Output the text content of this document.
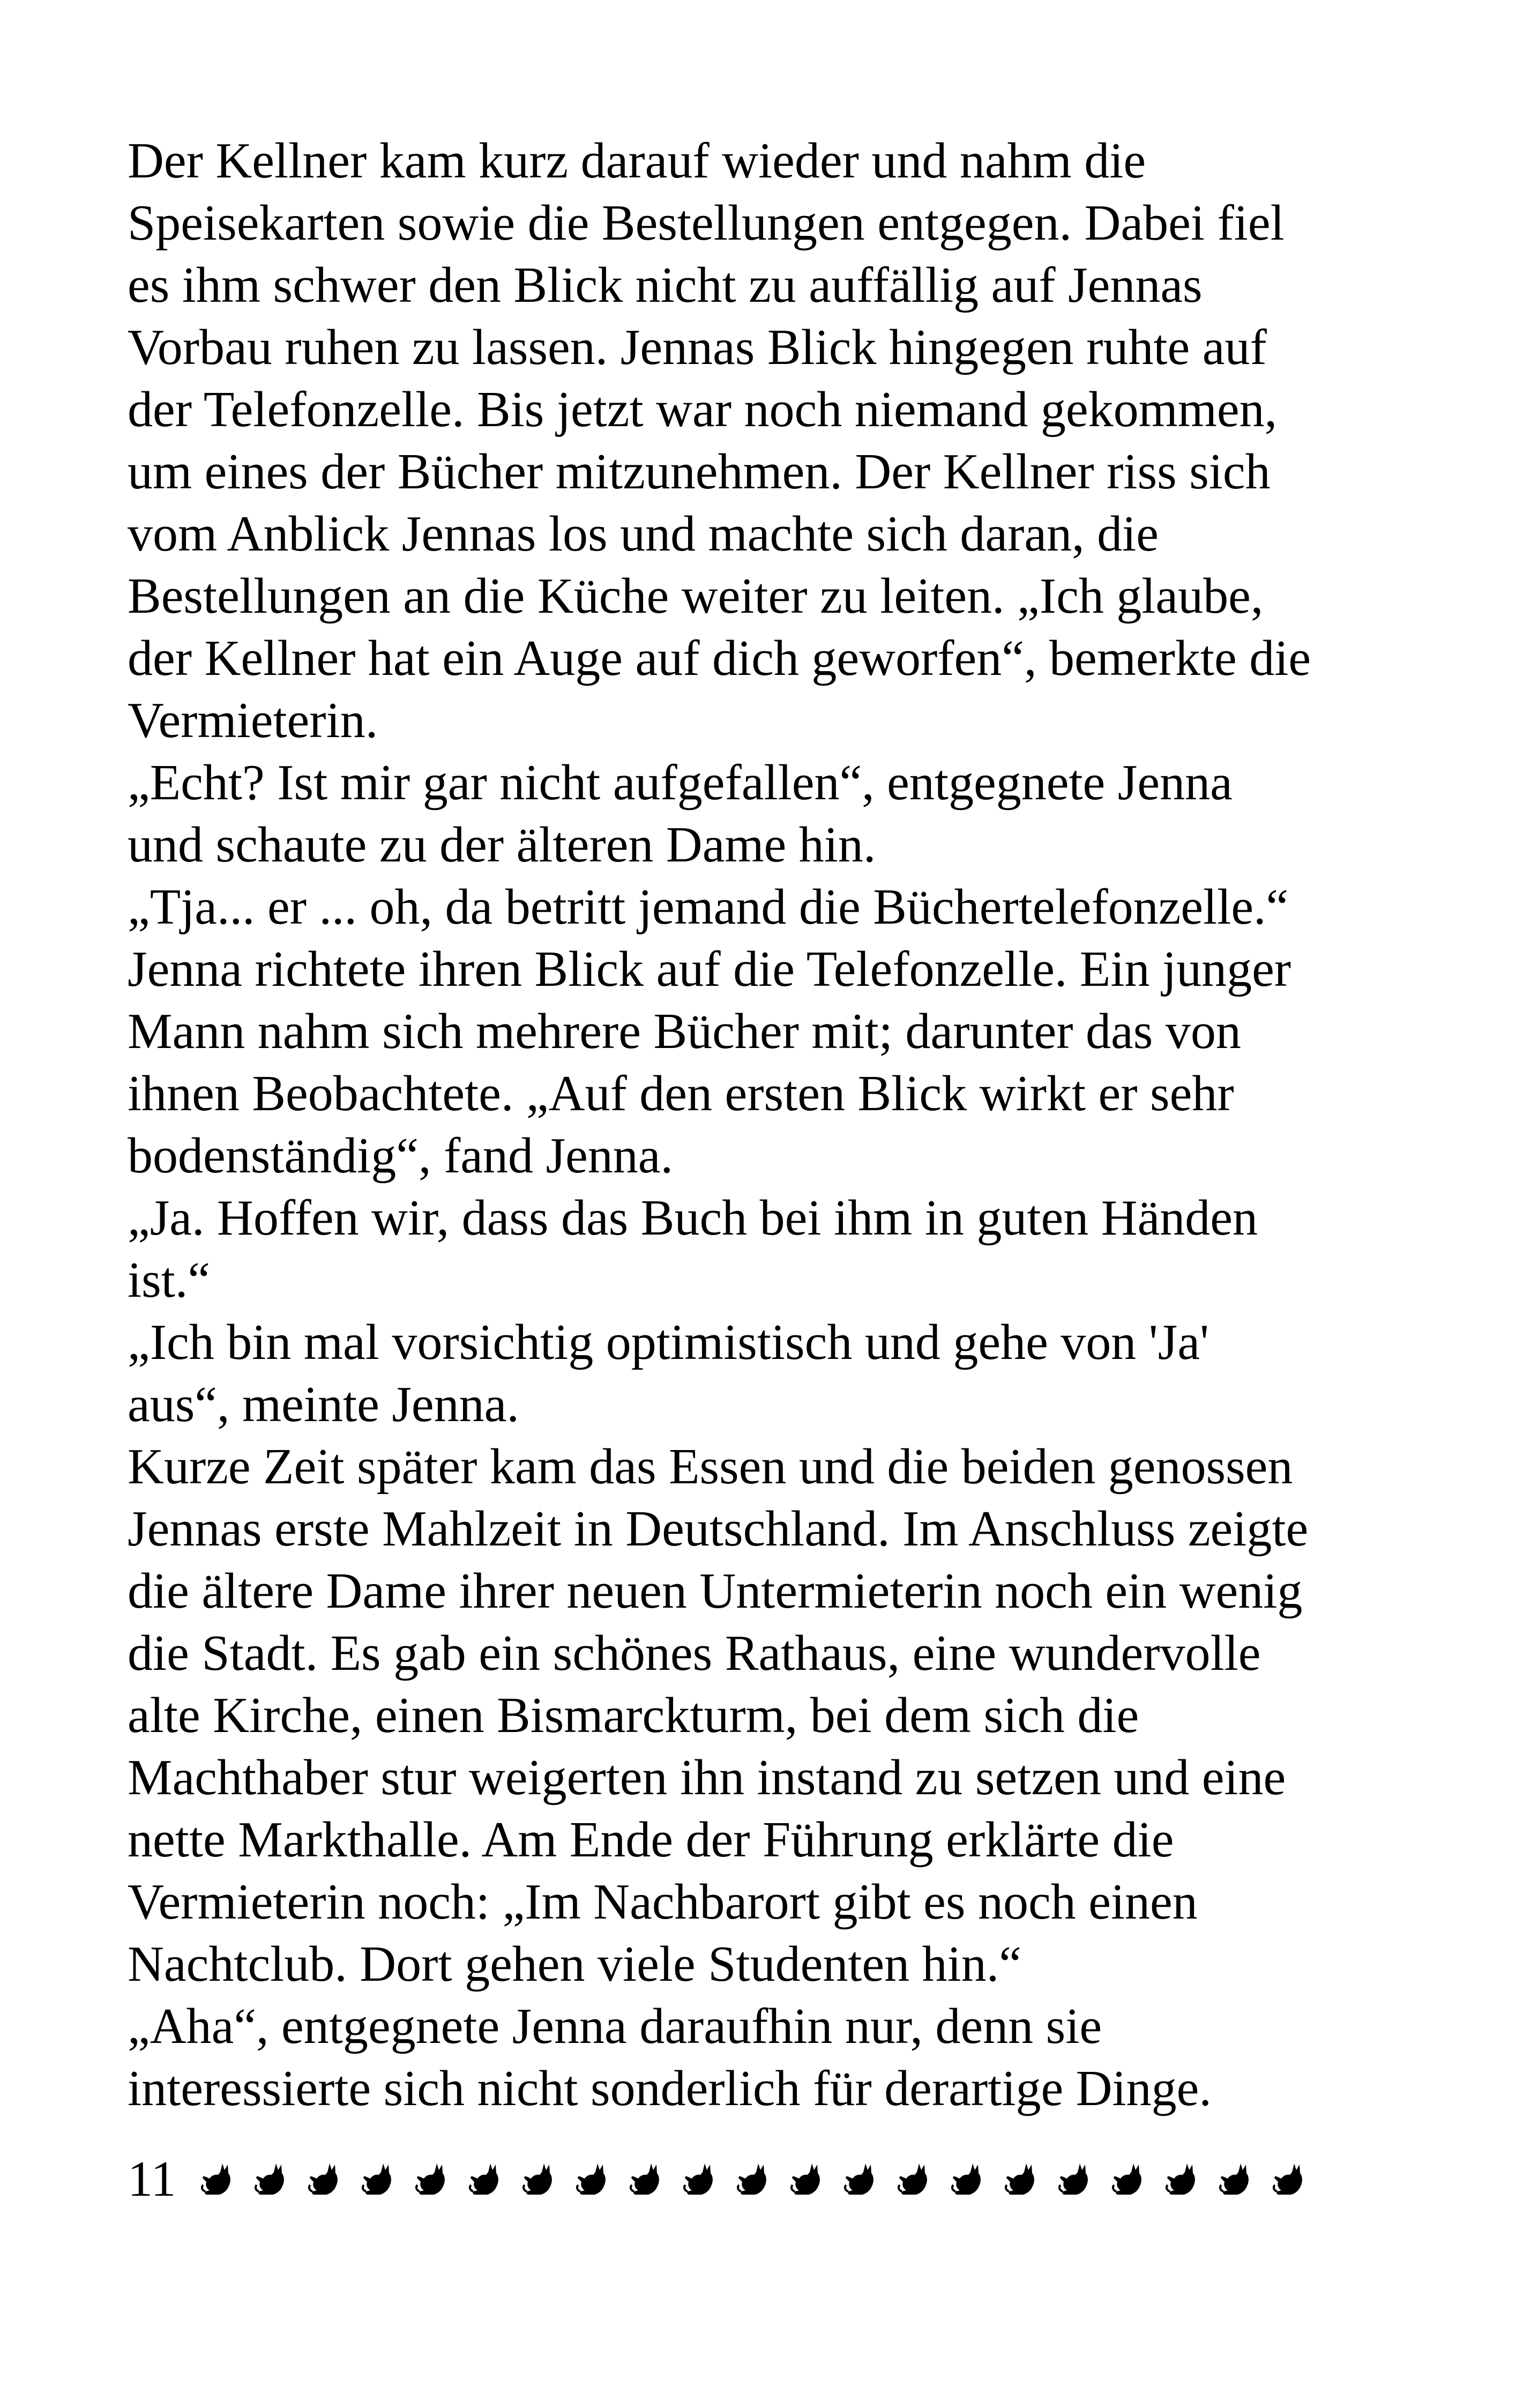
Der Kellner kam kurz darauf wieder und nahm die
Speisekarten sowie die Bestellungen entgegen. Dabei fiel
es ihm schwer den Blick nicht zu auffällig auf Jennas
Vorbau ruhen zu lassen. Jennas Blick hingegen ruhte auf
der Telefonzelle. Bis jetzt war noch niemand gekommen,
um eines der Bücher mitzunehmen. Der Kellner riss sich
vom Anblick Jennas los und machte sich daran, die
Bestellungen an die Küche weiter zu leiten. „Ich glaube,
der Kellner hat ein Auge auf dich geworfen“, bemerkte die
Vermieterin.
„Echt? Ist mir gar nicht aufgefallen“, entgegnete Jenna
und schaute zu der älteren Dame hin.
„Tja... er ... oh, da betritt jemand die Büchertelefonzelle.“
Jenna richtete ihren Blick auf die Telefonzelle. Ein junger
Mann nahm sich mehrere Bücher mit; darunter das von
ihnen Beobachtete. „Auf den ersten Blick wirkt er sehr
bodenständig“, fand Jenna.
„Ja. Hoffen wir, dass das Buch bei ihm in guten Händen
ist.“
„Ich bin mal vorsichtig optimistisch und gehe von 'Ja'
aus“, meinte Jenna.
Kurze Zeit später kam das Essen und die beiden genossen
Jennas erste Mahlzeit in Deutschland. Im Anschluss zeigte
die ältere Dame ihrer neuen Untermieterin noch ein wenig
die Stadt. Es gab ein schönes Rathaus, eine wundervolle
alte Kirche, einen Bismarckturm, bei dem sich die
Machthaber stur weigerten ihn instand zu setzen und eine
nette Markthalle. Am Ende der Führung erklärte die
Vermieterin noch: „Im Nachbarort gibt es noch einen
Nachtclub. Dort gehen viele Studenten hin.“
„Aha“, entgegnete Jenna daraufhin nur, denn sie
interessierte sich nicht sonderlich für derartige Dinge.
11
